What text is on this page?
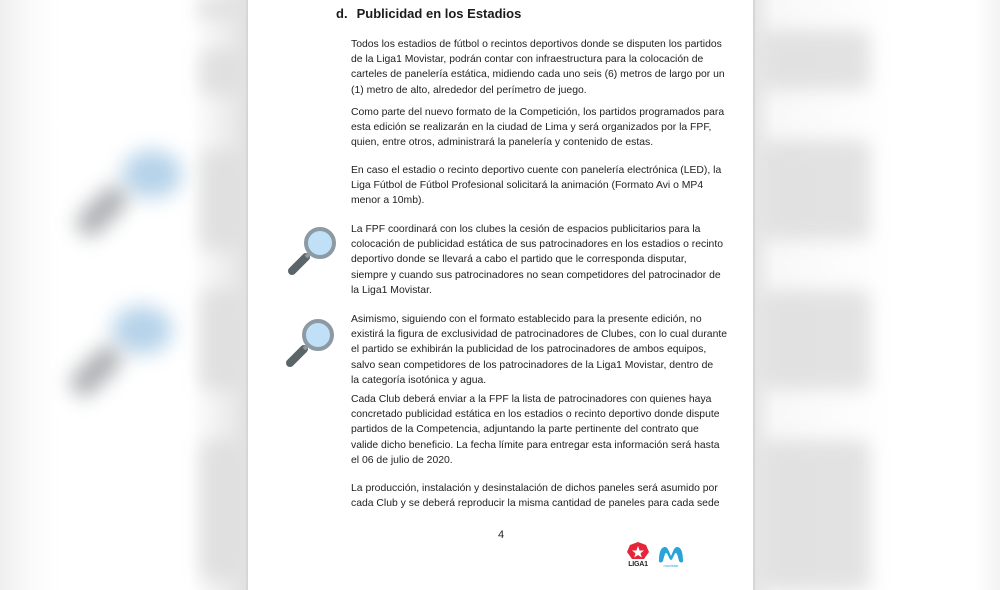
d. Publicidad en los Estadios
Todos los estadios de fútbol o recintos deportivos donde se disputen los partidos
de la Liga1 Movistar, podrán contar con infraestructura para la colocación de
carteles de panelería estática, midiendo cada uno seis (6) metros de largo por un
(1) metro de alto, alrededor del perímetro de juego.
Como parte del nuevo formato de la Competición, los partidos programados para
esta edición se realizarán en la ciudad de Lima y será organizados por la FPF,
quien, entre otros, administrará la panelería y contenido de estas.
En caso el estadio o recinto deportivo cuente con panelería electrónica (LED), la
Liga Fútbol de Fútbol Profesional solicitará la animación (Formato Avi o MP4
menor a 10mb).
La FPF coordinará con los clubes la cesión de espacios publicitarios para la
colocación de publicidad estática de sus patrocinadores en los estadios o recinto
deportivo donde se llevará a cabo el partido que le corresponda disputar,
siempre y cuando sus patrocinadores no sean competidores del patrocinador de
la Liga1 Movistar.
Asimismo, siguiendo con el formato establecido para la presente edición, no
existirá la figura de exclusividad de patrocinadores de Clubes, con lo cual durante
el partido se exhibirán la publicidad de los patrocinadores de ambos equipos,
salvo sean competidores de los patrocinadores de la Liga1 Movistar, dentro de
la categoría isotónica y agua.
Cada Club deberá enviar a la FPF la lista de patrocinadores con quienes haya
concretado publicidad estática en los estadios o recinto deportivo donde dispute
partidos de la Competencia, adjuntando la parte pertinente del contrato que
valide dicho beneficio. La fecha límite para entregar esta información será hasta
el 06 de julio de 2020.
La producción, instalación y desinstalación de dichos paneles será asumido por
cada Club y se deberá reproducir la misma cantidad de paneles para cada sede
4
LIGA1	movistar
